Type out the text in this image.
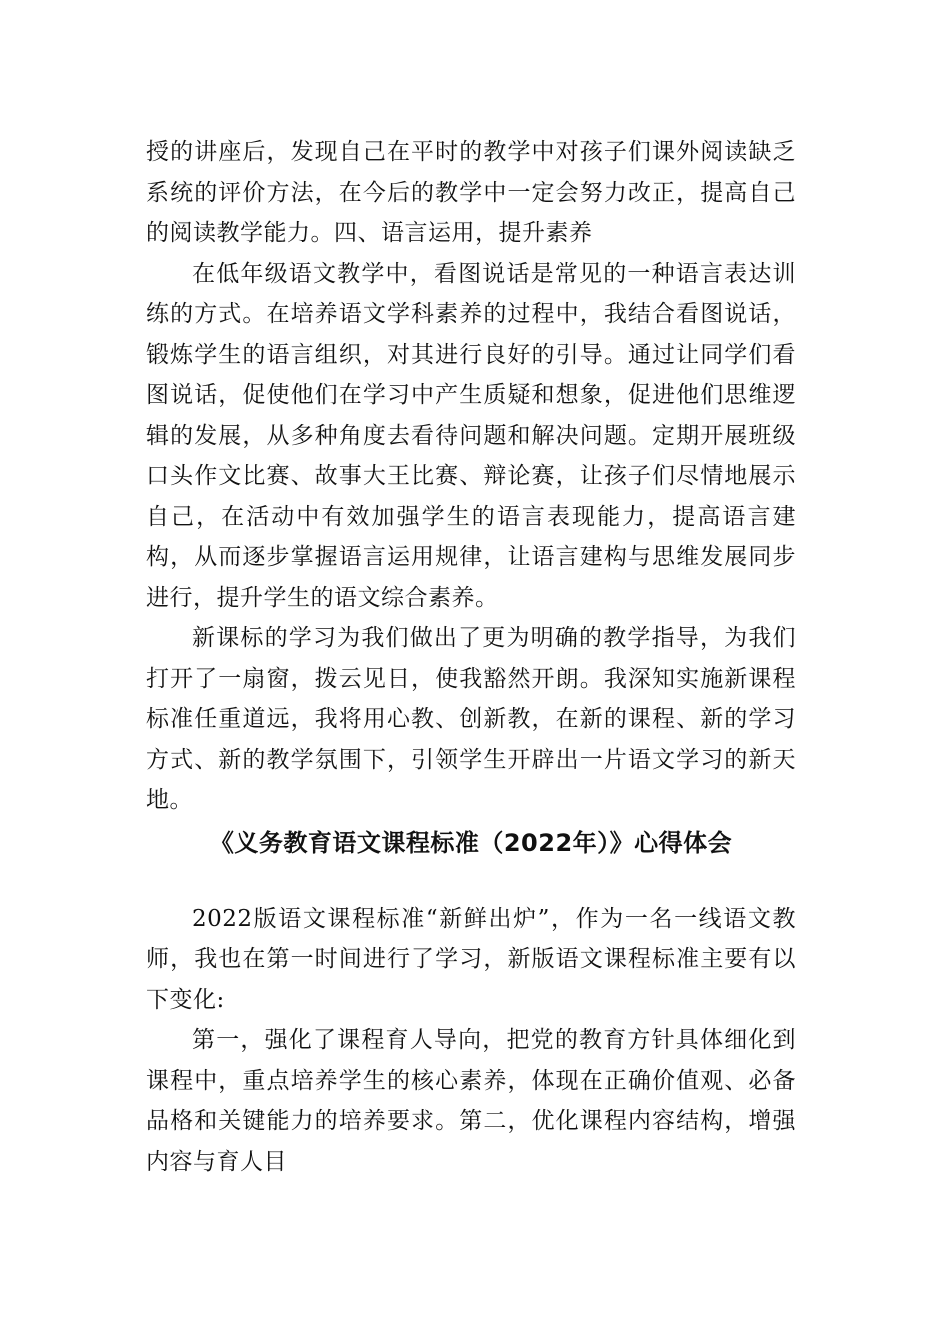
授的讲座后，发现自己在平时的教学中对孩子们课外阅读缺乏系统的评价方法，在今后的教学中一定会努力改正，提高自己的阅读教学能力。四、语言运用，提升素养

在低年级语文教学中，看图说话是常见的一种语言表达训练的方式。在培养语文学科素养的过程中，我结合看图说话，锻炼学生的语言组织，对其进行良好的引导。通过让同学们看图说话，促使他们在学习中产生质疑和想象，促进他们思维逻辑的发展，从多种角度去看待问题和解决问题。定期开展班级口头作文比赛、故事大王比赛、辩论赛，让孩子们尽情地展示自己，在活动中有效加强学生的语言表现能力，提高语言建构，从而逐步掌握语言运用规律，让语言建构与思维发展同步进行，提升学生的语文综合素养。

新课标的学习为我们做出了更为明确的教学指导，为我们打开了一扇窗，拨云见日，使我豁然开朗。我深知实施新课程标准任重道远，我将用心教、创新教，在新的课程、新的学习方式、新的教学氛围下，引领学生开辟出一片语文学习的新天地。

《义务教育语文课程标准（2022年）》心得体会

2022版语文课程标准“新鲜出炉”，作为一名一线语文教师，我也在第一时间进行了学习，新版语文课程标准主要有以下变化:

第一，强化了课程育人导向，把党的教育方针具体细化到课程中，重点培养学生的核心素养，体现在正确价值观、必备品格和关键能力的培养要求。第二，优化课程内容结构，增强内容与育人目
